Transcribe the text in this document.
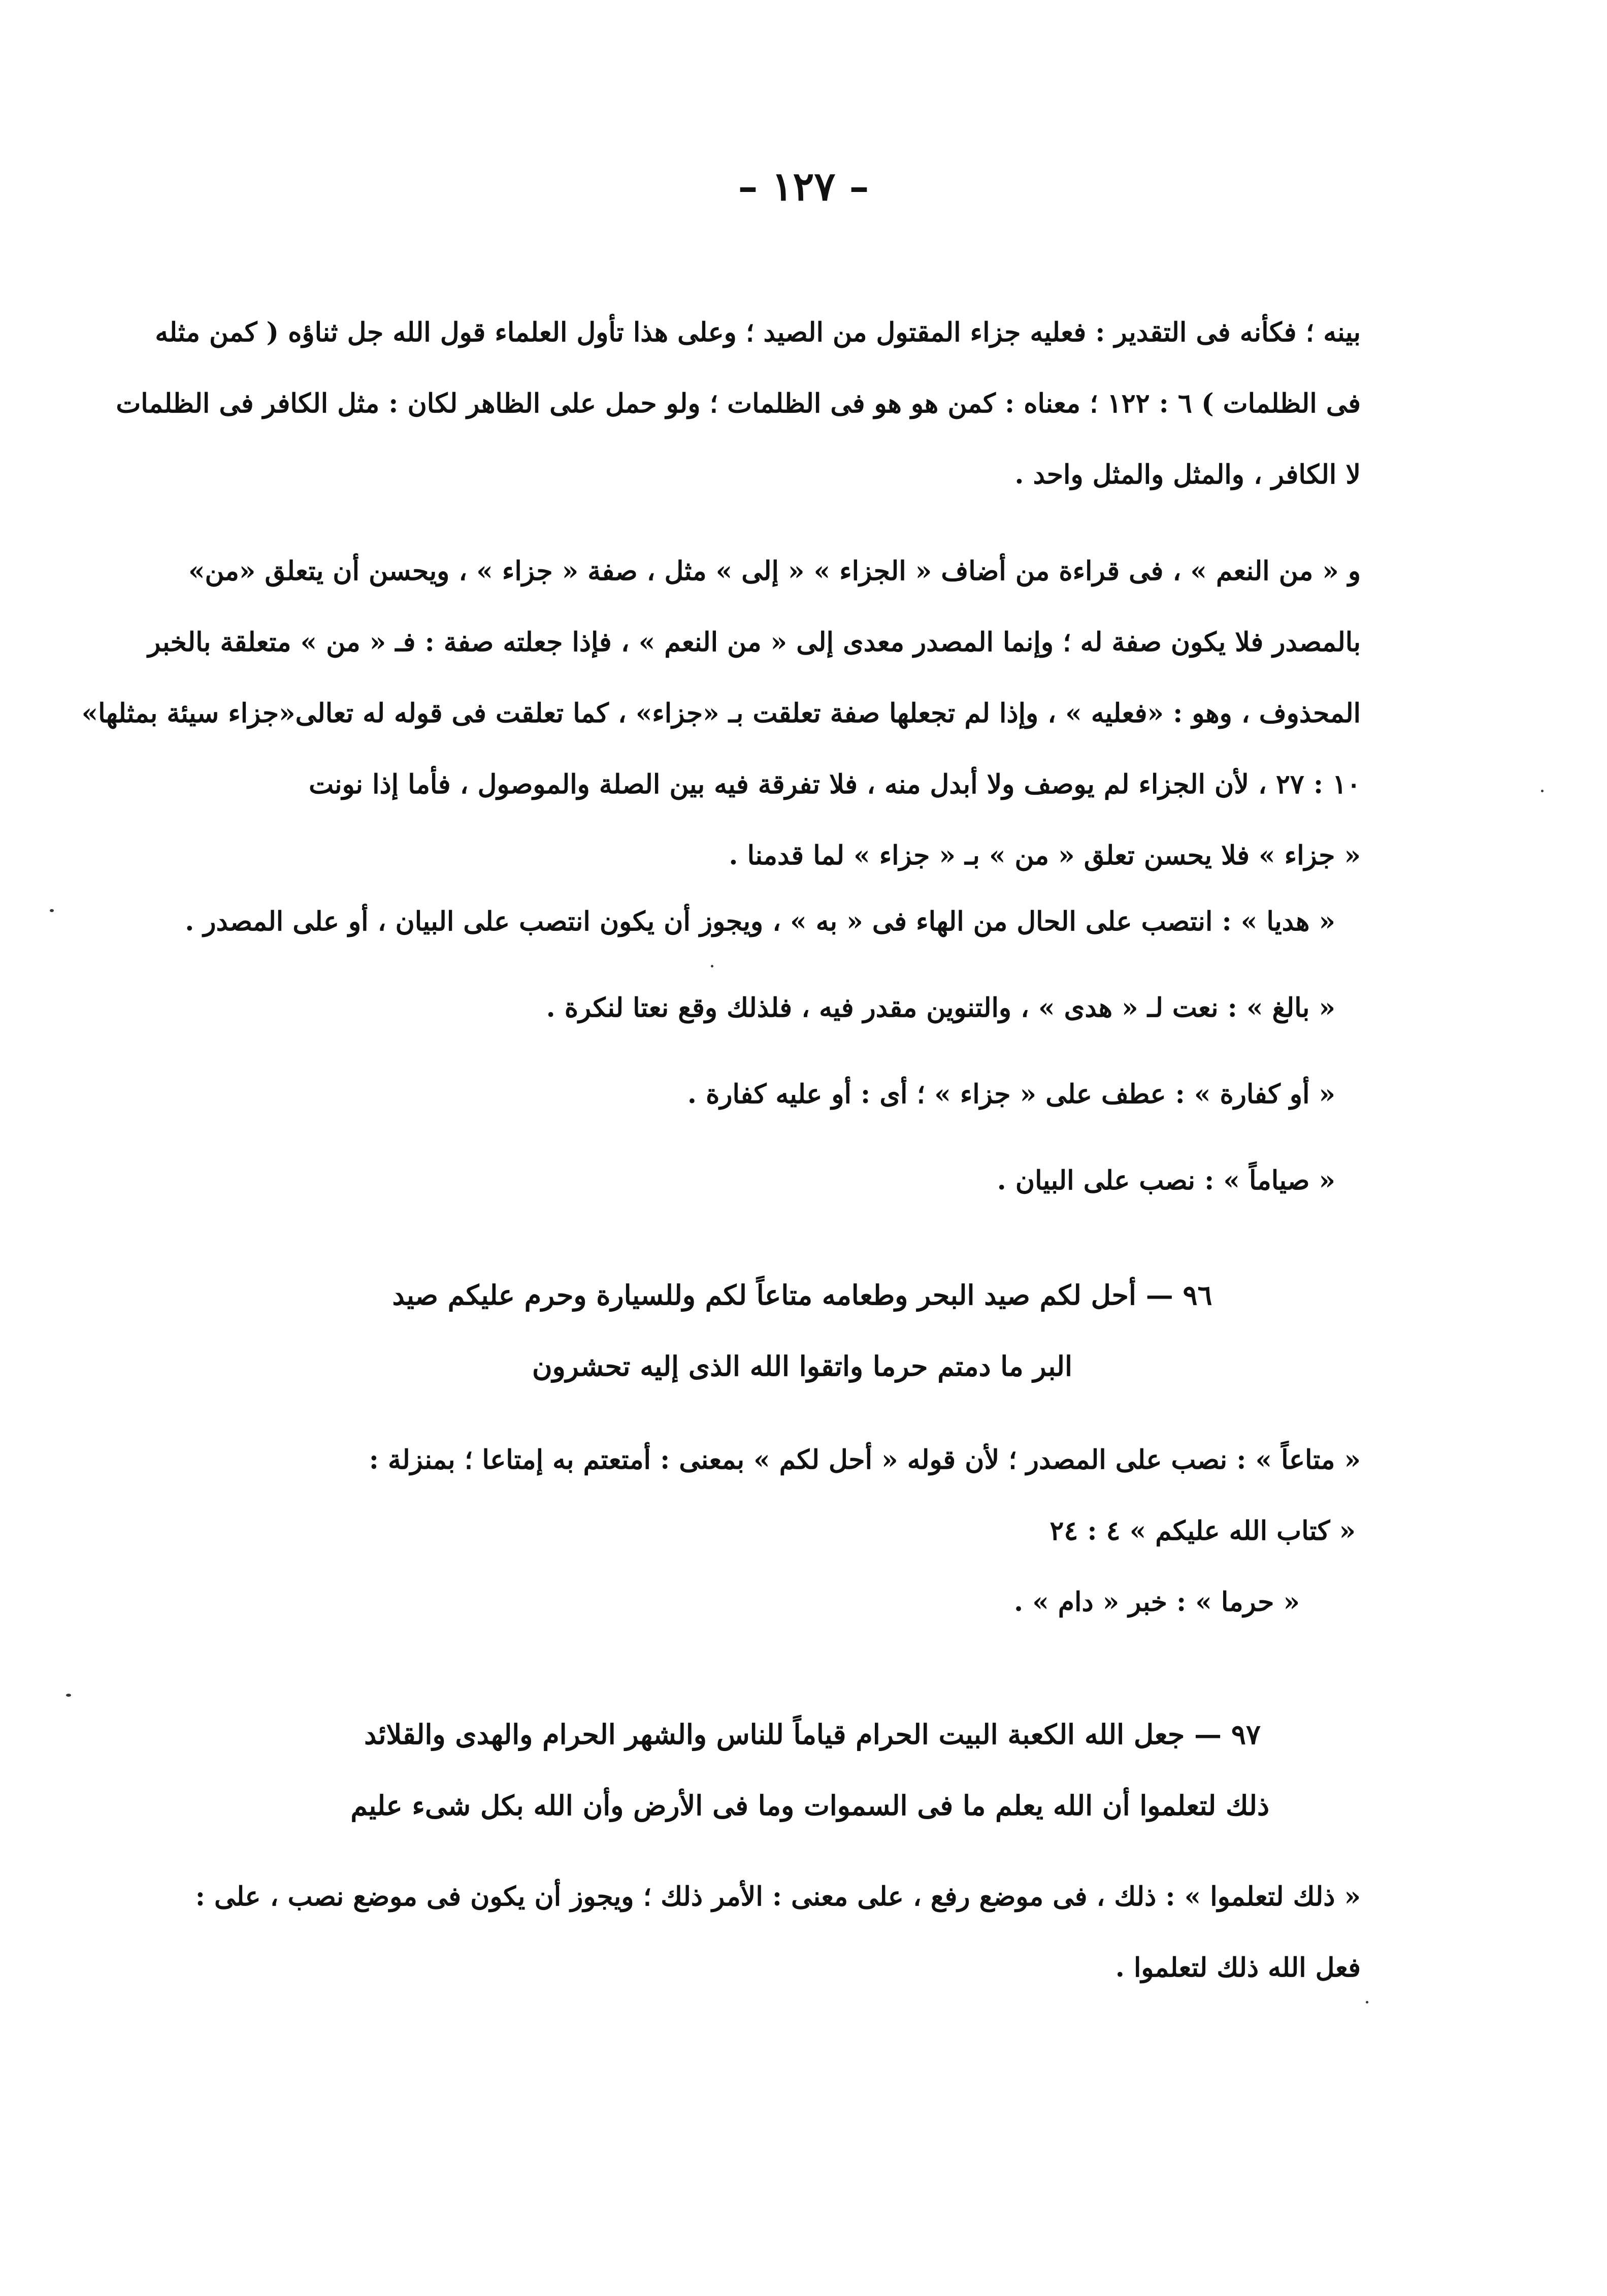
– ١٢٧ –
بينه ؛ فكأنه فى التقدير : فعليه جزاء المقتول من الصيد ؛ وعلى هذا تأول العلماء قول الله جل ثناؤه ( كمن مثله
فى الظلمات ) ٦ : ١٢٢ ؛ معناه : كمن هو هو فى الظلمات ؛ ولو حمل على الظاهر لكان : مثل الكافر فى الظلمات
لا الكافر ، والمثل والمثل واحد .
و « من النعم » ، فى قراءة من أضاف « الجزاء » « إلى » مثل ، صفة « جزاء » ، ويحسن أن يتعلق «من»
بالمصدر فلا يكون صفة له ؛ وإنما المصدر معدى إلى « من النعم » ، فإذا جعلته صفة : فـ « من » متعلقة بالخبر
المحذوف ، وهو : «فعليه » ، وإذا لم تجعلها صفة تعلقت بـ «جزاء» ، كما تعلقت فى قوله له تعالى«جزاء سيئة بمثلها»
١٠ : ٢٧ ، لأن الجزاء لم يوصف ولا أبدل منه ، فلا تفرقة فيه بين الصلة والموصول ، فأما إذا نونت
« جزاء » فلا يحسن تعلق « من » بـ « جزاء » لما قدمنا .
« هديا » : انتصب على الحال من الهاء فى « به » ، ويجوز أن يكون انتصب على البيان ، أو على المصدر .
« بالغ » : نعت لـ « هدى » ، والتنوين مقدر فيه ، فلذلك وقع نعتا لنكرة .
« أو كفارة » : عطف على « جزاء » ؛ أى : أو عليه كفارة .
« صياماً » : نصب على البيان .
٩٦ — أحل لكم صيد البحر وطعامه متاعاً لكم وللسيارة وحرم عليكم صيد
البر ما دمتم حرما واتقوا الله الذى إليه تحشرون
« متاعاً » : نصب على المصدر ؛ لأن قوله « أحل لكم » بمعنى : أمتعتم به إمتاعا ؛ بمنزلة :
« كتاب الله عليكم » ٤ : ٢٤
« حرما » : خبر « دام » .
٩٧ — جعل الله الكعبة البيت الحرام قياماً للناس والشهر الحرام والهدى والقلائد
ذلك لتعلموا أن الله يعلم ما فى السموات وما فى الأرض وأن الله بكل شىء عليم
« ذلك لتعلموا » : ذلك ، فى موضع رفع ، على معنى : الأمر ذلك ؛ ويجوز أن يكون فى موضع نصب ، على :
فعل الله ذلك لتعلموا .
